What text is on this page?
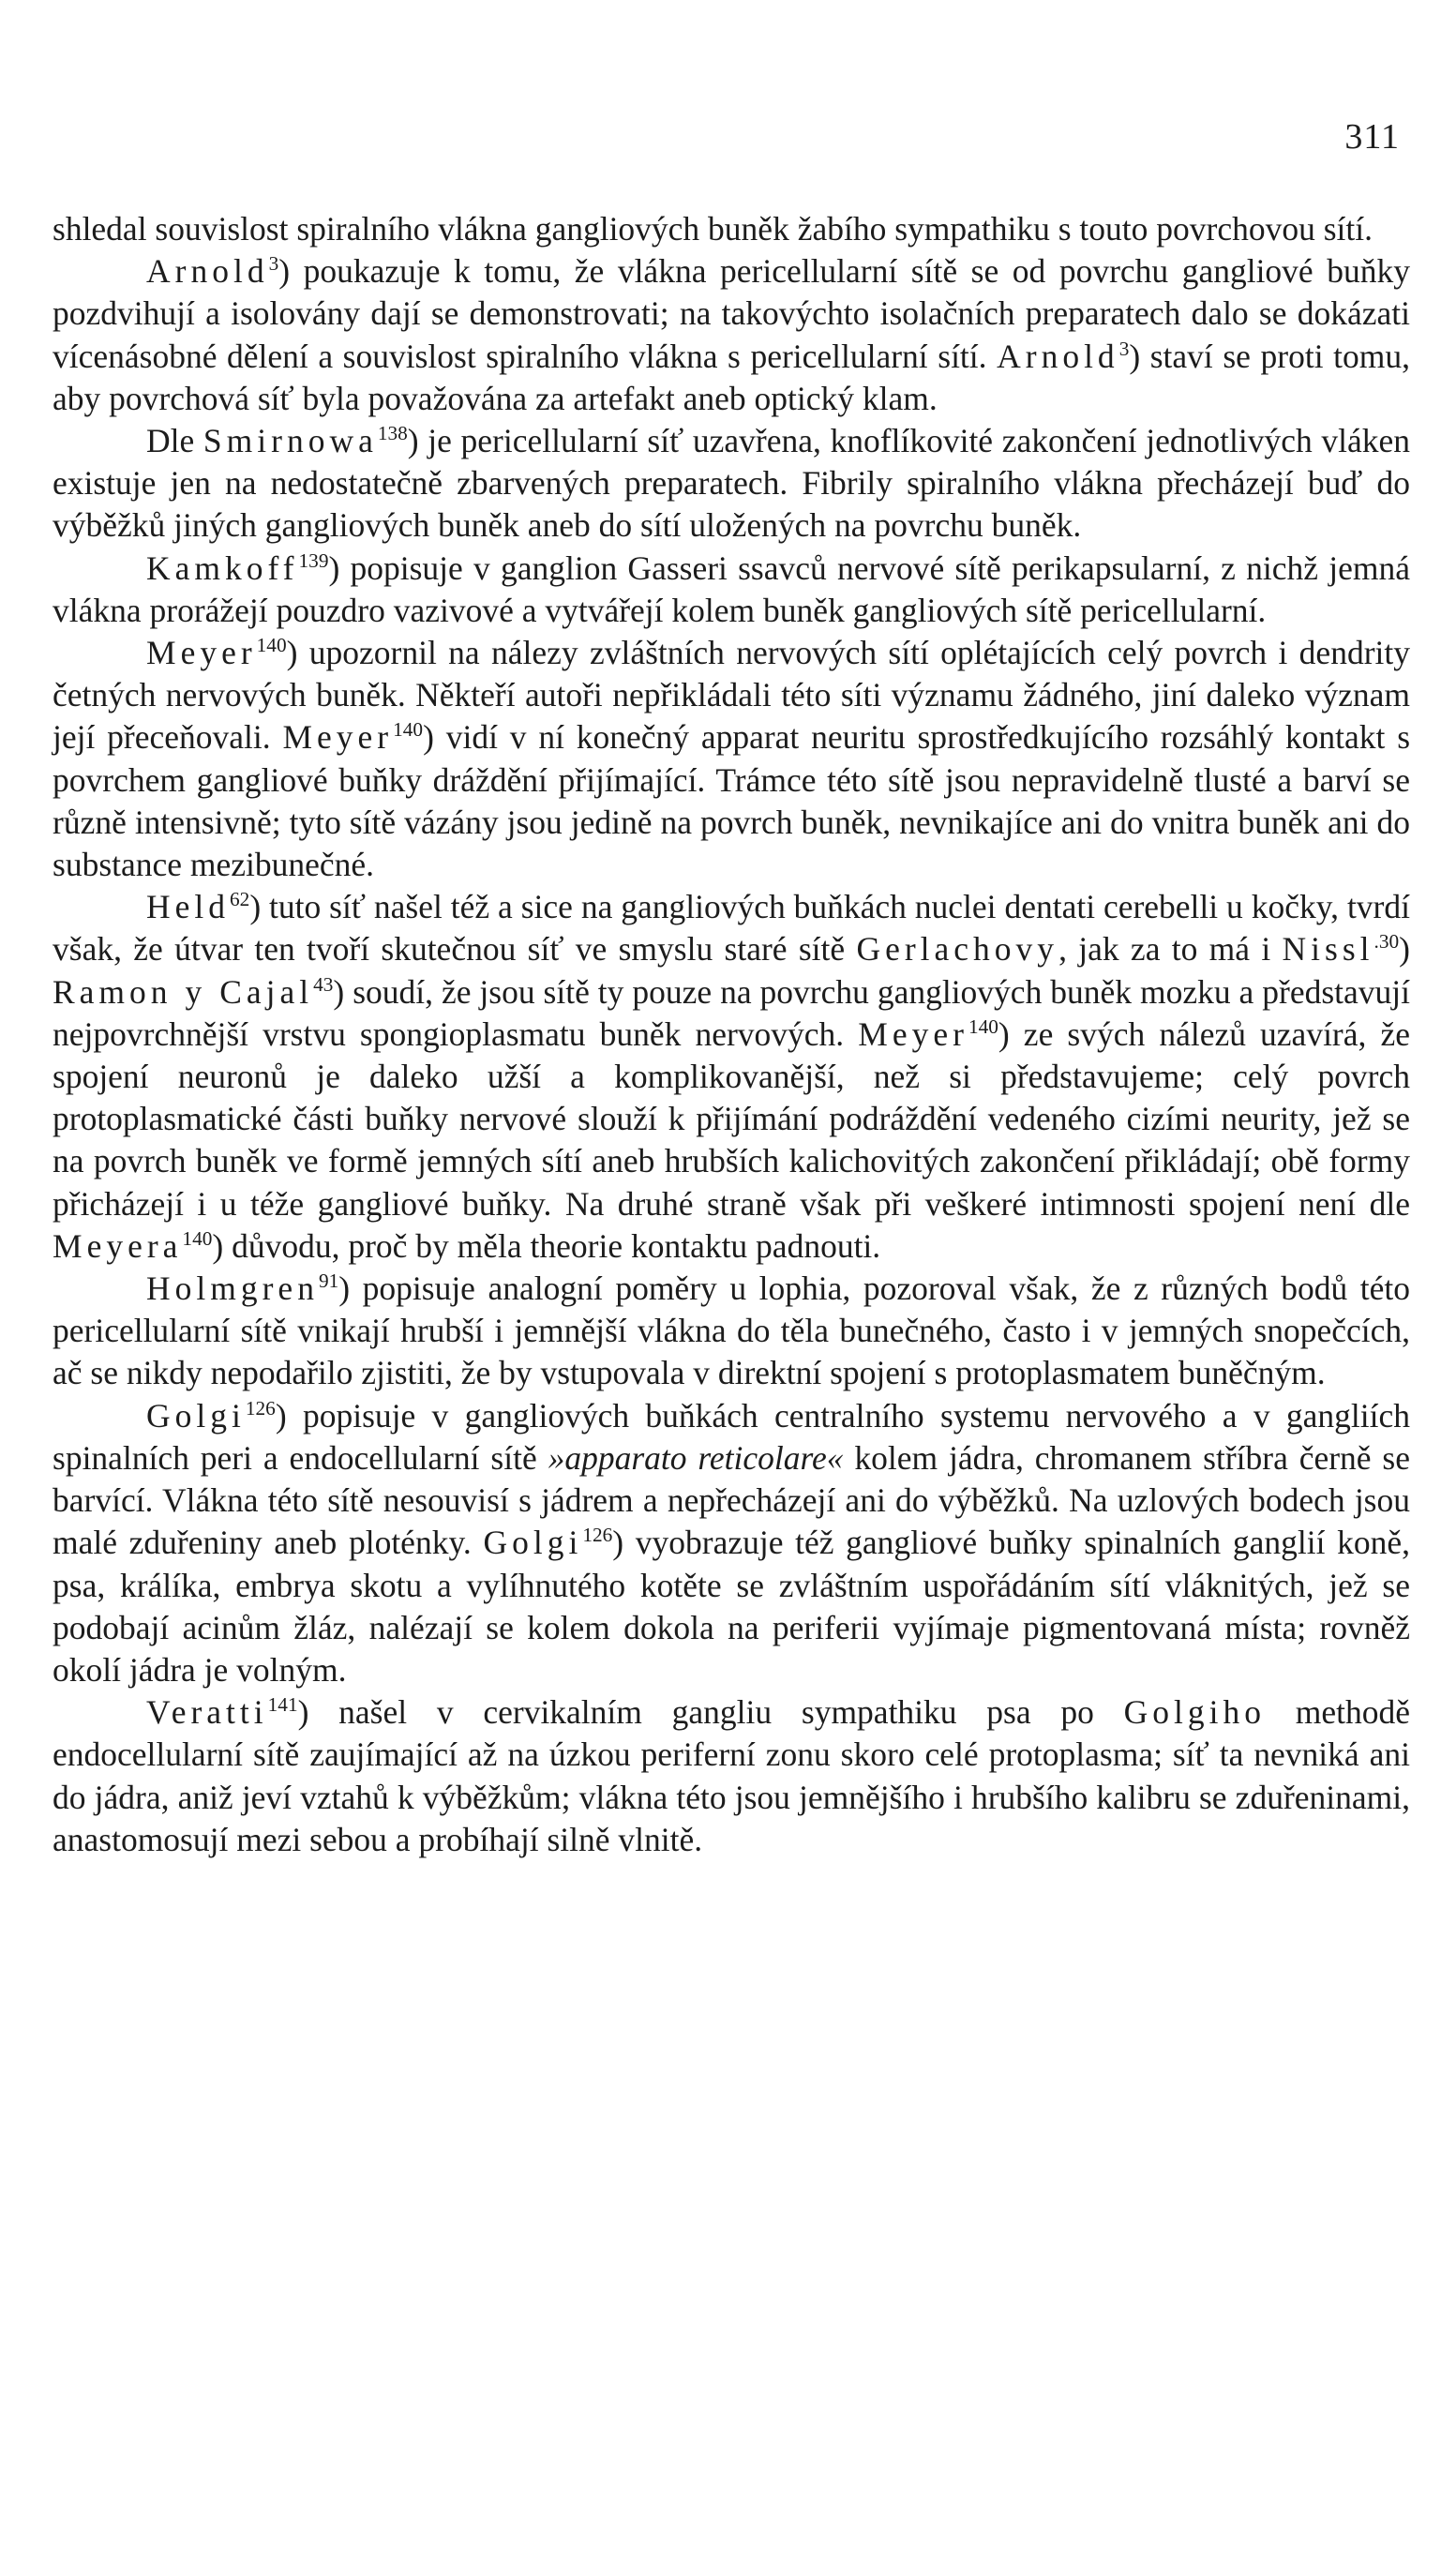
311

shledal souvislost spiralního vlákna gangliových buněk žabího sympathiku s touto povrchovou sítí.

Arnold$^3$) poukazuje k tomu, že vlákna pericellularní sítě se od povrchu gangliové buňky pozdvihují a isolovány dají se demonstrovati; na takovýchto isolačních preparatech dalo se dokázati vícenásobné dělení a souvislost spiralního vlákna s pericellularní sítí. Arnold$^3$) staví se proti tomu, aby povrchová síť byla považována za artefakt aneb optický klam.

Dle Smirnowa$^{138}$) je pericellularní síť uzavřena, knoflíkovité zakončení jednotlivých vláken existuje jen na nedostatečně zbarvených preparatech. Fibrily spiralního vlákna přecházejí buď do výběžků jiných gangliových buněk aneb do sítí uložených na povrchu buněk.

Kamkoff$^{139}$) popisuje v ganglion Gasseri ssavců nervové sítě perikapsularní, z nichž jemná vlákna prorážejí pouzdro vazivové a vytvářejí kolem buněk gangliových sítě pericellularní.

Meyer$^{140}$) upozornil na nálezy zvláštních nervových sítí oplétajících celý povrch i dendrity četných nervových buněk. Někteří autoři nepřikládali této síti významu žádného, jiní daleko význam její přeceňovali. Meyer$^{140}$) vidí v ní konečný apparat neuritu sprostředkujícího rozsáhlý kontakt s povrchem gangliové buňky dráždění přijímající. Trámce této sítě jsou nepravidelně tlusté a barví se různě intensivně; tyto sítě vázány jsou jedině na povrch buněk, nevnikajíce ani do vnitra buněk ani do substance mezibunečné.

Held$^{62}$) tuto síť našel též a sice na gangliových buňkách nuclei dentati cerebelli u kočky, tvrdí však, že útvar ten tvoří skutečnou síť ve smyslu staré sítě Gerlachovy, jak za to má i Nissl$^{.30}$) Ramon y Cajal$^{43}$) soudí, že jsou sítě ty pouze na povrchu gangliových buněk mozku a představují nejpovrchnější vrstvu spongioplasmatu buněk nervových. Meyer$^{140}$) ze svých nálezů uzavírá, že spojení neuronů je daleko užší a komplikovanější, než si představujeme; celý povrch protoplasmatické části buňky nervové slouží k přijímání podráždění vedeného cizími neurity, jež se na povrch buněk ve formě jemných sítí aneb hrubších kalichovitých zakončení přikládají; obě formy přicházejí i u téže gangliové buňky. Na druhé straně však při veškeré intimnosti spojení není dle Meyera$^{140}$) důvodu, proč by měla theorie kontaktu padnouti.

Holmgren$^{91}$) popisuje analogní poměry u lophia, pozoroval však, že z různých bodů této pericellularní sítě vnikají hrubší i jemnější vlákna do těla bunečného, často i v jemných snopečcích, ač se nikdy nepodařilo zjistiti, že by vstupovala v direktní spojení s protoplasmatem buněčným.

Golgi$^{126}$) popisuje v gangliových buňkách centralního systemu nervového a v gangliích spinalních peri a endocellularní sítě »apparato reticolare« kolem jádra, chromanem stříbra černě se barvící. Vlákna této sítě nesouvisí s jádrem a nepřecházejí ani do výběžků. Na uzlových bodech jsou malé zduřeniny aneb ploténky. Golgi$^{126}$) vyobrazuje též gangliové buňky spinalních ganglií koně, psa, králíka, embrya skotu a vylíhnutého kotěte se zvláštním uspořádáním sítí vláknitých, jež se podobají acinům žláz, nalézají se kolem dokola na periferii vyjímaje pigmentovaná místa; rovněž okolí jádra je volným.

Veratti$^{141}$) našel v cervikalním gangliu sympathiku psa po Golgiho methodě endocellularní sítě zaujímající až na úzkou periferní zonu skoro celé protoplasma; síť ta nevniká ani do jádra, aniž jeví vztahů k výběžkům; vlákna této jsou jemnějšího i hrubšího kalibru se zduřeninami, anastomosují mezi sebou a probíhají silně vlnitě.
